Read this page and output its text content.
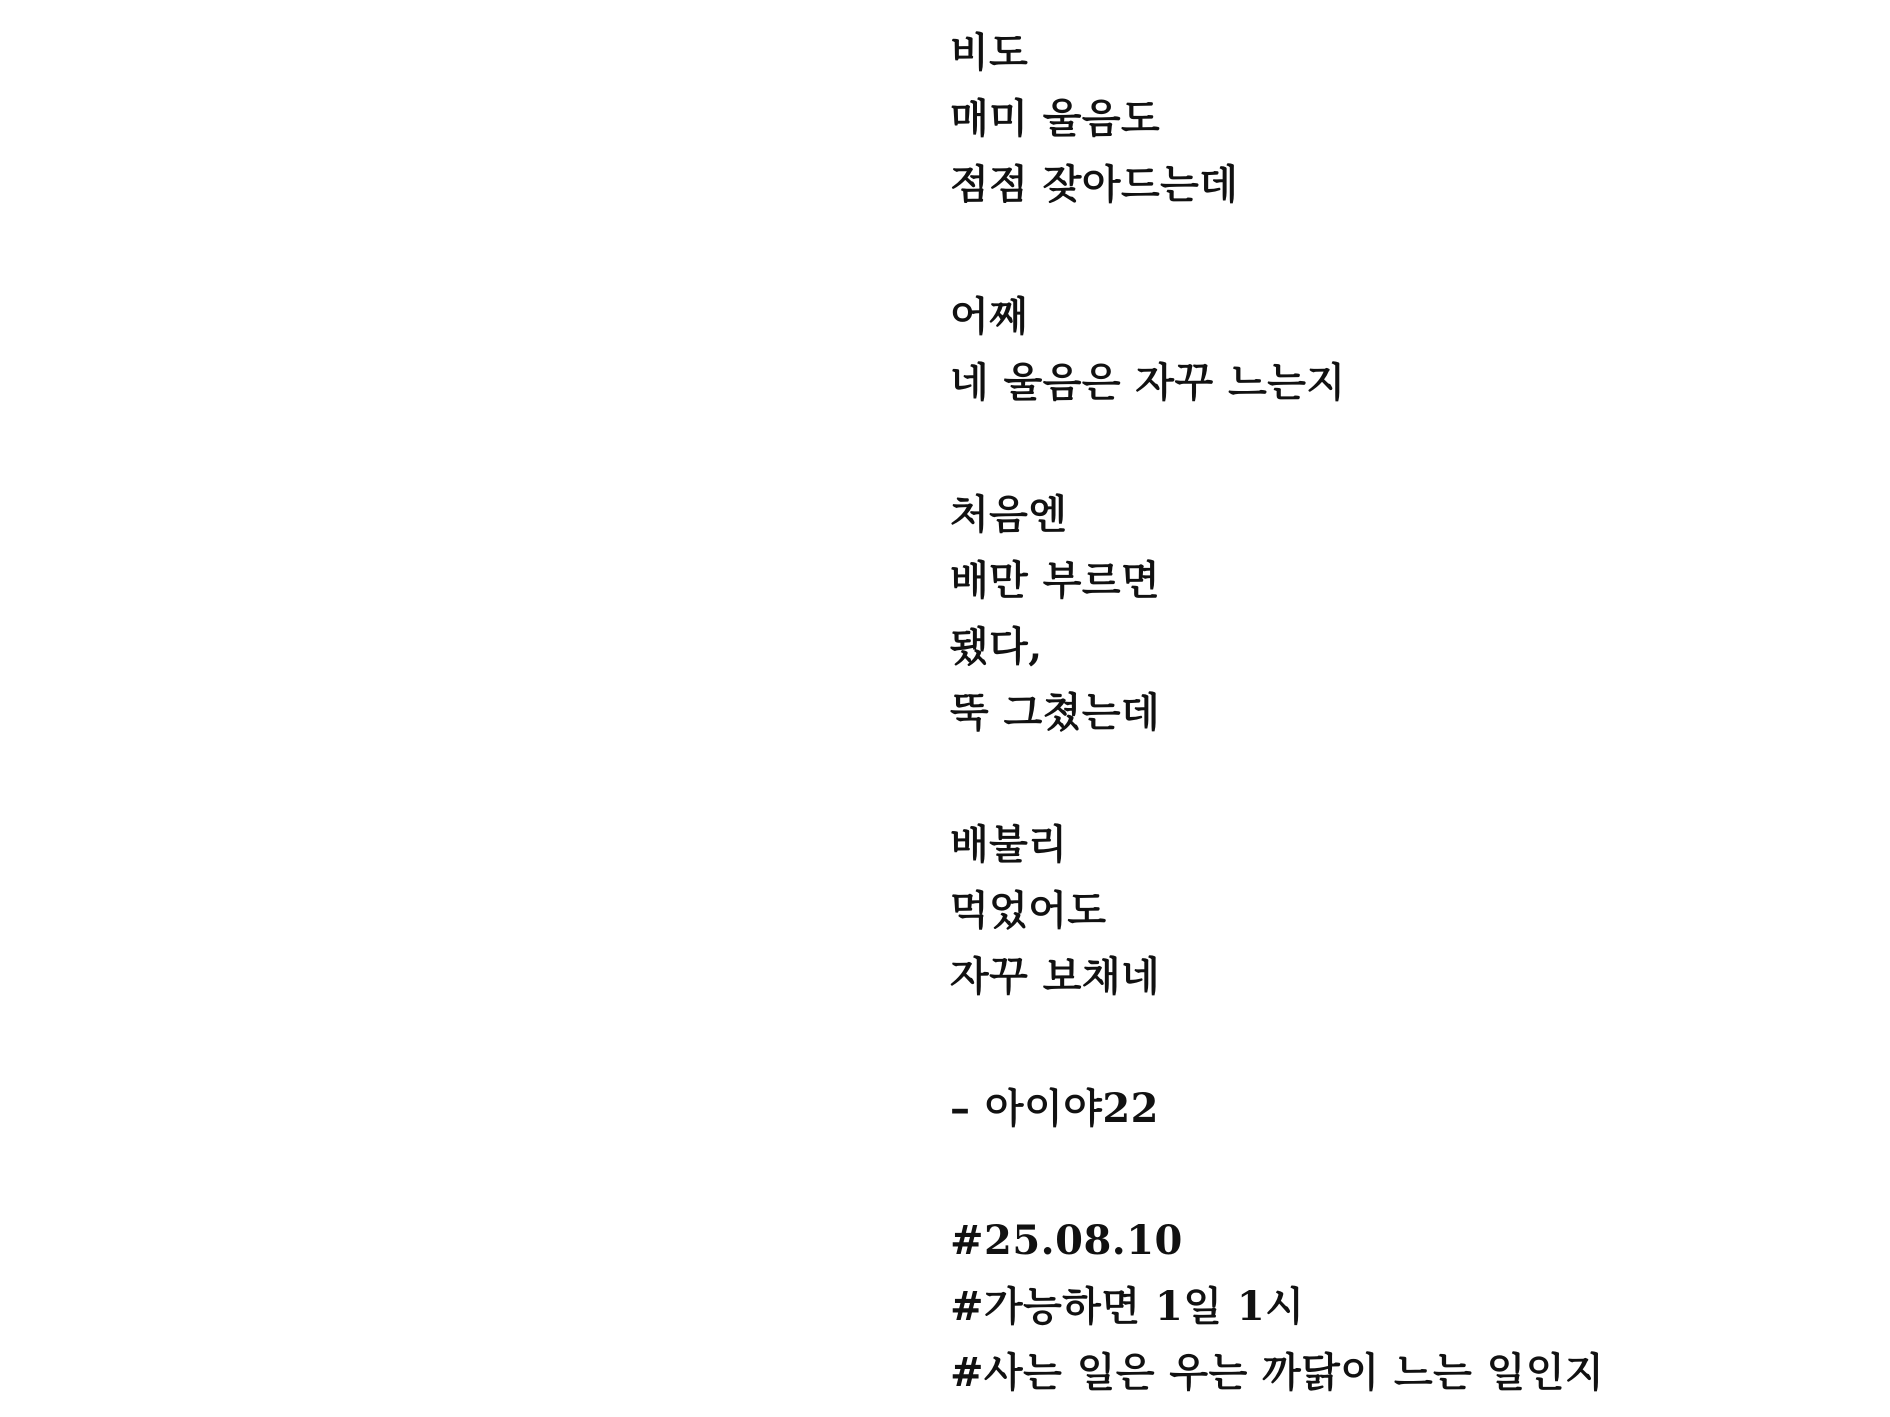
비도
매미 울음도
점점 잦아드는데
어째
네 울음은 자꾸 느는지
처음엔
배만 부르면
됐다,
뚝 그쳤는데
배불리
먹었어도
자꾸 보채네
– 아이야22
#25.08.10
#가능하면 1일 1시
#사는 일은 우는 까닭이 느는 일인지
